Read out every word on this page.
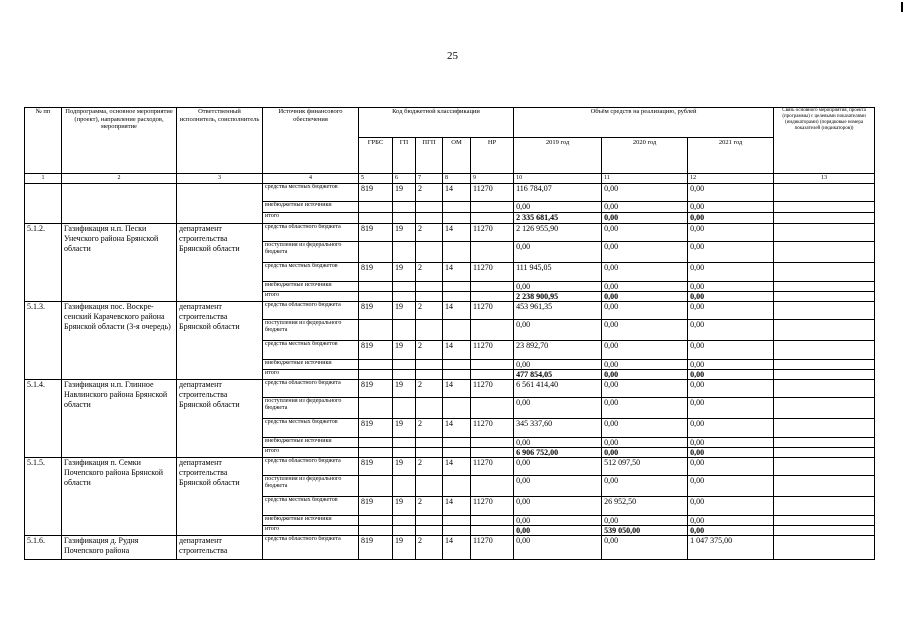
25
№ пп	Подпрограмма, основное мероприятие (проект), направление расходов, мероприятие	Ответственный исполнитель, соисполнитель	Источник финансового обеспечения	Код бюджетной классификации					Объём средств на реализацию, рублей			Связь основного мероприятия, проекта (программы) с целевыми показателями (индикаторами) (порядковые номера показателей (индикаторов))
				ГРБС	ГП	ПГП	ОМ	НР	2019 год	2020 год	2021 год	
1	2	3	4	5	6	7	8	9	10	11	12	13
			средства местных бюджетов	819	19	2	14	11270	116 784,07	0,00	0,00	
			внебюджетные источники						0,00	0,00	0,00	
			итого						2 335 681,45	0,00	0,00	
5.1.2.	Газификация н.п. Пески Унечского района Брянской области	департамент строительства Брянской области	средства областного бюджета	819	19	2	14	11270	2 126 955,90	0,00	0,00	
			поступления из федерального бюджета						0,00	0,00	0,00	
			средства местных бюджетов	819	19	2	14	11270	111 945,05	0,00	0,00	
			внебюджетные источники						0,00	0,00	0,00	
			итого						2 238 900,95	0,00	0,00	
5.1.3.	Газификация пос. Воскре-сенский Карачевского района Брянской области (3-я очередь)	департамент строительства Брянской области	средства областного бюджета	819	19	2	14	11270	453 961,35	0,00	0,00	
			поступления из федерального бюджета						0,00	0,00	0,00	
			средства местных бюджетов	819	19	2	14	11270	23 892,70	0,00	0,00	
			внебюджетные источники						0,00	0,00	0,00	
			итого						477 854,05	0,00	0,00	
5.1.4.	Газификация н.п. Глинное Навлинского района Брянской области	департамент строительства Брянской области	средства областного бюджета	819	19	2	14	11270	6 561 414,40	0,00	0,00	
			поступления из федерального бюджета						0,00	0,00	0,00	
			средства местных бюджетов	819	19	2	14	11270	345 337,60	0,00	0,00	
			внебюджетные источники						0,00	0,00	0,00	
			итого						6 906 752,00	0,00	0,00	
5.1.5.	Газификация п. Семки Почепского района Брянской области	департамент строительства Брянской области	средства областного бюджета	819	19	2	14	11270	0,00	512 097,50	0,00	
			поступления из федерального бюджета						0,00	0,00	0,00	
			средства местных бюджетов	819	19	2	14	11270	0,00	26 952,50	0,00	
			внебюджетные источники						0,00	0,00	0,00	
			итого						0,00	539 050,00	0,00	
5.1.6.	Газификация д. Рудня Почепского района	департамент строительства	средства областного бюджета	819	19	2	14	11270	0,00	0,00	1 047 375,00	
